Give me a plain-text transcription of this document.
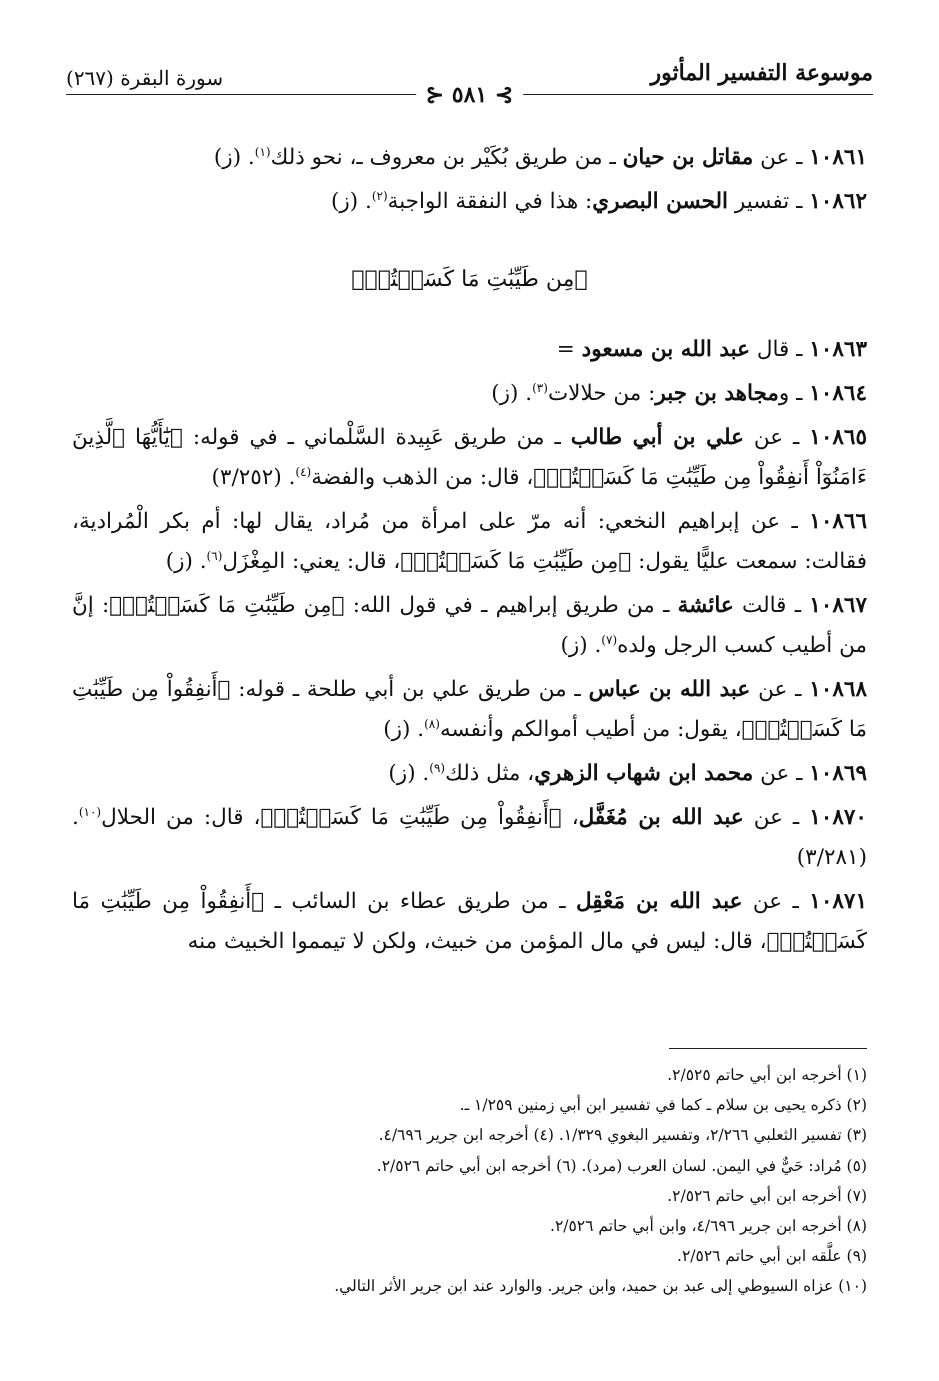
موسوعة التفسير المأثور
سورة البقرة (٢٦٧)
⊱ ٥٨١ ⊰

١٠٨٦١ ـ عن مقاتل بن حيان ـ من طريق بُكَيْر بن معروف ـ، نحو ذلك$^{(١)}$. (ز)

١٠٨٦٢ ـ تفسير الحسن البصري: هذا في النفقة الواجبة$^{(٢)}$. (ز)

﴿مِن طَيِّبَٰتِ مَا كَسَبۡتُمۡ﴾

١٠٨٦٣ ـ قال عبد الله بن مسعود =

١٠٨٦٤ ـ ومجاهد بن جبر: من حلالات$^{(٣)}$. (ز)

١٠٨٦٥ ـ عن علي بن أبي طالب ـ من طريق عَبِيدة السَّلْماني ـ في قوله: ﴿يَٰٓأَيُّهَا ٱلَّذِينَ ءَامَنُوٓاْ أَنفِقُواْ مِن طَيِّبَٰتِ مَا كَسَبۡتُمۡ﴾، قال: من الذهب والفضة$^{(٤)}$. (٣/٢٥٢)

١٠٨٦٦ ـ عن إبراهيم النخعي: أنه مرّ على امرأة من مُراد، يقال لها: أم بكر الْمُرادية، فقالت: سمعت عليًّا يقول: ﴿مِن طَيِّبَٰتِ مَا كَسَبۡتُمۡ﴾، قال: يعني: المِغْزَل$^{(٦)}$. (ز)

١٠٨٦٧ ـ قالت عائشة ـ من طريق إبراهيم ـ في قول الله: ﴿مِن طَيِّبَٰتِ مَا كَسَبۡتُمۡ﴾: إنَّ من أطيب كسب الرجل ولده$^{(٧)}$. (ز)

١٠٨٦٨ ـ عن عبد الله بن عباس ـ من طريق علي بن أبي طلحة ـ قوله: ﴿أَنفِقُواْ مِن طَيِّبَٰتِ مَا كَسَبۡتُمۡ﴾، يقول: من أطيب أموالكم وأنفسه$^{(٨)}$. (ز)

١٠٨٦٩ ـ عن محمد ابن شهاب الزهري، مثل ذلك$^{(٩)}$. (ز)

١٠٨٧٠ ـ عن عبد الله بن مُغَفَّل، ﴿أَنفِقُواْ مِن طَيِّبَٰتِ مَا كَسَبۡتُمۡ﴾، قال: من الحلال$^{(١٠)}$. (٣/٢٨١)

١٠٨٧١ ـ عن عبد الله بن مَعْقِل ـ من طريق عطاء بن السائب ـ ﴿أَنفِقُواْ مِن طَيِّبَٰتِ مَا كَسَبۡتُمۡ﴾، قال: ليس في مال المؤمن من خبيث، ولكن لا تيمموا الخبيث منه

(١) أخرجه ابن أبي حاتم ٢/٥٢٥.

(٢) ذكره يحيى بن سلام ـ كما في تفسير ابن أبي زمنين ١/٢٥٩ ـ.

(٣) تفسير الثعلبي ٢/٢٦٦، وتفسير البغوي ١/٣٢٩. (٤) أخرجه ابن جرير ٤/٦٩٦.

(٥) مُراد: حَيٌّ في اليمن. لسان العرب (مرد). (٦) أخرجه ابن أبي حاتم ٢/٥٢٦.

(٧) أخرجه ابن أبي حاتم ٢/٥٢٦.

(٨) أخرجه ابن جرير ٤/٦٩٦، وابن أبي حاتم ٢/٥٢٦.

(٩) علَّقه ابن أبي حاتم ٢/٥٢٦.

(١٠) عزاه السيوطي إلى عبد بن حميد، وابن جرير. والوارد عند ابن جرير الأثر التالي.
